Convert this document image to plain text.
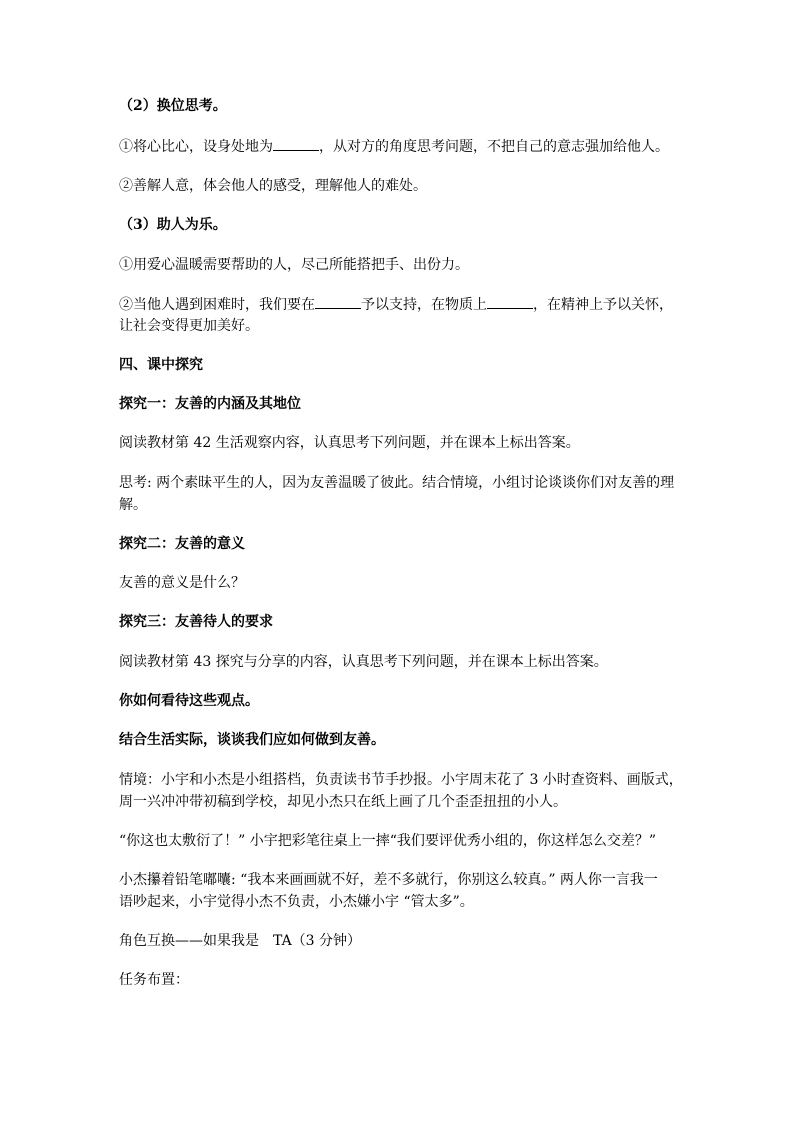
（2）换位思考。
①将心比心，设身处地为	，从对方的角度思考问题，不把自己的意志强加给他人。
②善解人意，体会他人的感受，理解他人的难处。
（3）助人为乐。
①用爱心温暖需要帮助的人，尽己所能搭把手、出份力。
②当他人遇到困难时，我们要在	予以支持，在物质上	，在精神上予以关怀，
让社会变得更加美好。
四、课中探究
探究一：友善的内涵及其地位
阅读教材第 42 生活观察内容，认真思考下列问题，并在课本上标出答案。
思考: 两个素昧平生的人，因为友善温暖了彼此。结合情境，小组讨论谈谈你们对友善的理
解。
探究二：友善的意义
友善的意义是什么？
探究三：友善待人的要求
阅读教材第 43 探究与分享的内容，认真思考下列问题，并在课本上标出答案。
你如何看待这些观点。
结合生活实际，谈谈我们应如何做到友善。
情境：小宇和小杰是小组搭档，负责读书节手抄报。小宇周末花了 3 小时查资料、画版式，
周一兴冲冲带初稿到学校，却见小杰只在纸上画了几个歪歪扭扭的小人。
“你这也太敷衍了！” 小宇把彩笔往桌上一摔“我们要评优秀小组的，你这样怎么交差？”
小杰攥着铅笔嘟囔: “我本来画画就不好，差不多就行，你别这么较真。” 两人你一言我一
语吵起来，小宇觉得小杰不负责，小杰嫌小宇 “管太多”。
角色互换——如果我是　TA（3 分钟）
任务布置：
